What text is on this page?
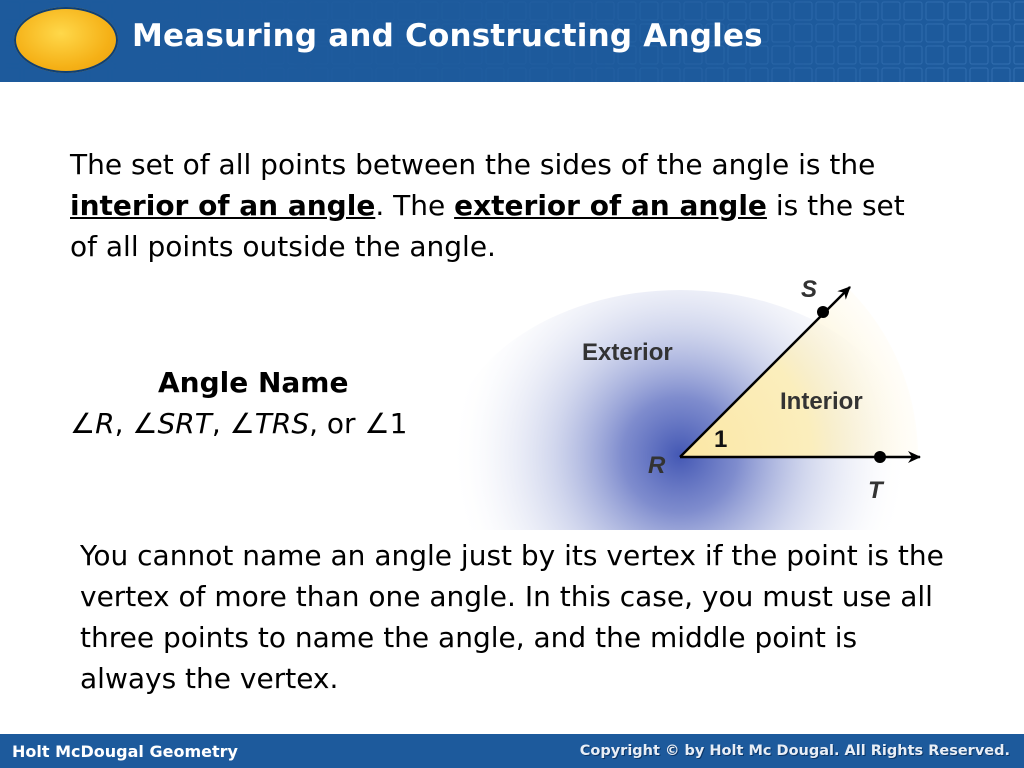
Measuring and Constructing Angles
The set of all points between the sides of the angle is the interior of an angle. The exterior of an angle is the set of all points outside the angle.
Exterior
Interior
1
S
R
T
Angle Name
∠R, ∠SRT, ∠TRS, or ∠1
You cannot name an angle just by its vertex if the point is the vertex of more than one angle. In this case, you must use all three points to name the angle, and the middle point is always the vertex.
Holt McDougal Geometry	Copyright © by Holt Mc Dougal. All Rights Reserved.
